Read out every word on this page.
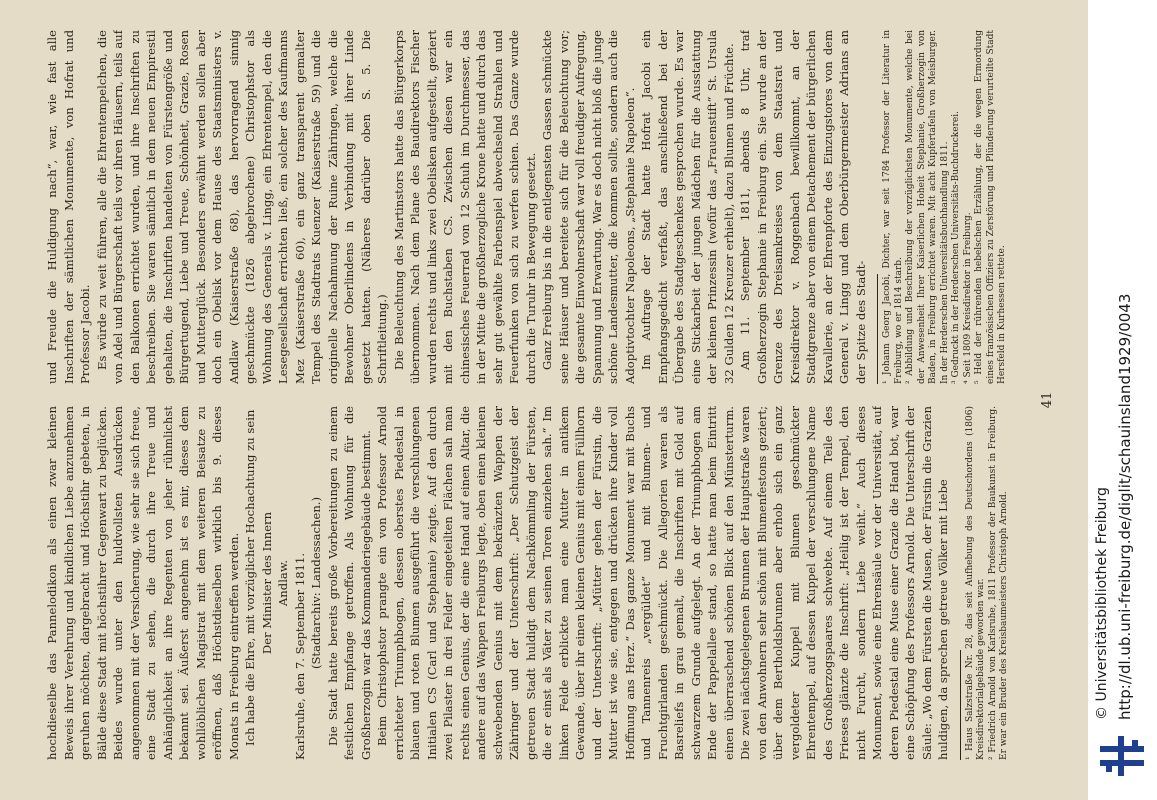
hochdieselbe das Pannelodikon als einen zwar kleinen Beweis ihrer Verehrung und kindlichen Liebe anzunehmen geruhen möchten, dargebracht und Höchstihr gebeten, in Bälde diese Stadt mit höchstihrer Gegenwart zu beglücken. Beides wurde unter den huldvollsten Ausdrücken angenommen mit der Versicherung, wie sehr sie sich freue, eine Stadt zu sehen, die durch ihre Treue und Anhänglichkeit an ihre Regenten von jeher rühmlichst bekannt sei. Äußerst angenehm ist es mir, dieses dem wohllöblichen Magistrat mit dem weiteren Beisatze zu eröffnen, daß Höchstdieselben wirklich bis 9. dieses Monats in Freiburg eintreffen werden. Ich habe die Ehre, mit vorzüglicher Hochachtung zu sein Der Minister des Innern Andlaw. Karlsruhe, den 7. September 1811. (Stadtarchiv: Landessachen.) Die Stadt hatte bereits große Vorbereitungen zu einem festlichen Empfange getroffen. Als Wohnung für die Großherzogin war das Kommanderiegebäude bestimmt. Beim Christophstor prangte ein von Professor Arnold errichteter Triumphbogen, dessen oberstes Piedestal in blauen und roten Blumen ausgeführt die verschlungenen Initialen CS (Carl und Stephanie) zeigte. Auf den durch zwei Pilaster in drei Felder eingeteilten Flächen sah man rechts einen Genius, der die eine Hand auf einen Altar, die andere auf das Wappen Freiburgs legte, oben einen kleinen schwebenden Genius mit dem bekränzten Wappen der Zähringer und der Unterschrift: „Der Schutzgeist der getreuen Stadt huldigt dem Nachkömmling der Fürsten, die er einst als Väter zu seinen Toren einziehen sah.“ Im linken Felde erblickte man eine Mutter in antikem Gewande, über ihr einen kleinen Genius mit einem Füllhorn und der Unterschrift: „Mütter gehen der Fürstin, die Mutter ist wie sie, entgegen und drücken ihre Kinder voll Hoffnung ans Herz.“ Das ganze Monument war mit Buchs und Tannenreis „vergüldet“ und mit Blumen- und Fruchtgirlanden geschmückt. Die Allegorien waren als Basreliefs in grau gemalt, die Inschriften mit Gold auf schwarzem Grunde aufgelegt. An der Triumphbogen am Ende der Pappelallee stand, so hatte man beim Eintritt einen überraschend schönen Blick auf den Münsterturm. Die zwei nächstgelegenen Brunnen der Hauptstraße waren von den Anwohnern sehr schön mit Blumenfestons geziert; über dem Bertholdsbrunnen aber erhob sich ein ganz vergoldeter Kuppel mit Blumen geschmückter Ehrentempel, auf dessen Kuppel der verschlungene Name des Großherzogspaares schwebte. Auf einem Teile des Frieses glänzte die Inschrift: „Heilig ist der Tempel, den nicht Furcht, sondern Liebe weiht.“ Auch dieses Monument, sowie eine Ehrensäule vor der Universität, auf deren Piedestal eine Muse einer Grazie die Hand bot, war eine Schöpfung des Professors Arnold. Die Unterschrift der Säule: „Wo dem Fürsten die Musen, der Fürstin die Grazien huldigen, da sprechen getreue Völker mit Liebe ¹ Haus Salzstraße Nr. 28, das seit Aufhebung des Deutschordens (1806) Kreisdirektorialgebäude geworden war. ² Friedrich Arnold von Karlsruhe, 1811 Professor der Baukunst in Freiburg. Er war ein Bruder des Kreisbaumeisters Christoph Arnold.

und Freude die Huldigung nach“, war, wie fast alle Inschriften der sämtlichen Monumente, von Hofrat und Professor Jacobi. Es würde zu weit führen, alle die Ehrentempelchen, die von Adel und Bürgerschaft teils vor ihren Häusern, teils auf den Balkonen errichtet wurden, und ihre Inschriften zu beschreiben. Sie waren sämtlich in dem neuen Empirestil gehalten, die Inschriften handelten von Fürstengröße und Bürgertugend, Liebe und Treue, Schönheit, Grazie, Rosen und Mutterglück. Besonders erwähnt werden sollen aber doch ein Obelisk vor dem Hause des Staatsministers v. Andlaw (Kaiserstraße 68), das hervorragend sinnig geschmückte (1826 abgebrochene) Christophstor als Wohnung des Generals v. Lingg, ein Ehrentempel, den die Lesegesellschaft errichten ließ, ein solcher des Kaufmanns Mez (Kaiserstraße 60), ein ganz transparent gemalter Tempel des Stadtrats Kuenzer (Kaiserstraße 59) und die originelle Nachahmung der Ruine Zähringen, welche die Bewohner Oberlindens in Verbindung mit ihrer Linde gesetzt hatten. (Näheres darüber oben S. 5. Die Schriftleitung.) Die Beleuchtung des Martinstors hatte das Bürgerkorps übernommen. Nach dem Plane des Baudirektors Fischer wurden rechts und links zwei Obelisken aufgestellt, geziert mit den Buchstaben CS. Zwischen diesen war ein chinesisches Feuerrad von 12 Schuh im Durchmesser, das in der Mitte die großherzogliche Krone hatte und durch das sehr gut gewählte Farbenspiel abwechselnd Strahlen und Feuerfunken von sich zu werfen schien. Das Ganze wurde durch die Turuhr in Bewegung gesetzt. Ganz Freiburg bis in die entlegensten Gassen schmückte seine Häuser und bereitete sich für die Beleuchtung vor; die gesamte Einwohnerschaft war voll freudiger Aufregung, Spannung und Erwartung. War es doch nicht bloß die junge schöne Landesmutter, die kommen sollte, sondern auch die Adoptivtochter Napoleons, „Stephanie Napoleon“. Im Auftrage der Stadt hatte Hofrat Jacobi ein Empfangsgedicht verfaßt, das anschließend bei der Übergabe des Stadtgeschenkes gesprochen wurde. Es war eine Stickarbeit der jungen Mädchen für die Ausstattung der kleinen Prinzessin (wofür das „Frauenstift“ St. Ursula 32 Gulden 12 Kreuzer erhielt), dazu Blumen und Früchte. Am 11. September 1811, abends 8 Uhr, traf Großherzogin Stephanie in Freiburg ein. Sie wurde an der Grenze des Dreisamkreises von dem Staatsrat und Kreisdirektor v. Roggenbach bewillkommt, an der Stadtgrenze aber von einem Detachement der bürgerlichen Kavallerie, an der Ehrenpforte des Einzugstores von dem General v. Lingg und dem Oberbürgermeister Adrians an der Spitze des Stadt- ¹ Johann Georg Jacobi, Dichter, war seit 1784 Professor der Literatur in Freiburg, wo er 1814 starb. ² Abbildung und Beschreibung der vorzüglichsten Monumente, welche bei der Anwesenheit Ihrer Kaiserlichen Hoheit Stephanie, Großherzogin von Baden, in Freiburg errichtet waren. Mit acht Kupfertafeln von Meisburger. In der Herderschen Universitätsbuchhandlung 1811. ³ Gedruckt in der Herderschen Universitäts-Buchdruckerei. ⁴ Seit 1809 Kreisdirektor in Freiburg. ⁵ Held der rührenden hebelschen Erzählung, der die wegen Ermordung eines französischen Offiziers zu Zerstörung und Plünderung verurteilte Stadt Hersfeld in Kurhessen rettete.

41
© Universitätsbibliothek Freiburg http://dl.ub.uni-freiburg.de/diglit/schauinsland1929/0043
